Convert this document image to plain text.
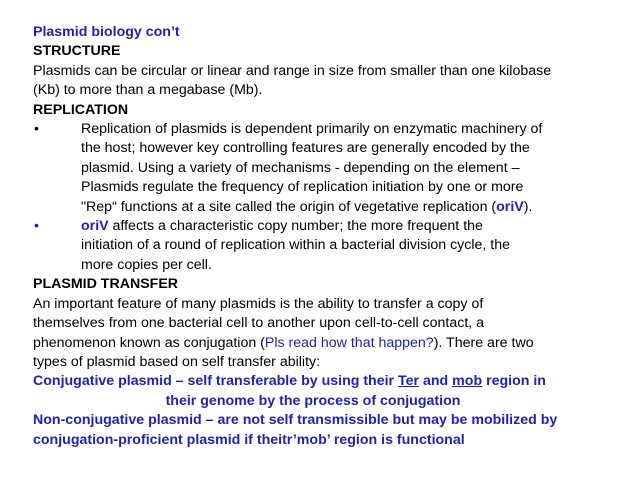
Plasmid biology con’t
STRUCTURE
Plasmids can be circular or linear and range in size from smaller than one kilobase
(Kb) to more than a megabase (Mb).
REPLICATION
•	Replication of plasmids is dependent primarily on enzymatic machinery of
the host; however key controlling features are generally encoded by the
plasmid. Using a variety of mechanisms - depending on the element –
Plasmids regulate the frequency of replication initiation by one or more
"Rep“ functions at a site called the origin of vegetative replication (oriV).
•	oriV affects a characteristic copy number; the more frequent the
initiation of a round of replication within a bacterial division cycle, the
more copies per cell.
PLASMID TRANSFER
An important feature of many plasmids is the ability to transfer a copy of
themselves from one bacterial cell to another upon cell-to-cell contact, a
phenomenon known as conjugation (Pls read how that happen?). There are two
types of plasmid based on self transfer ability:
Conjugative plasmid – self transferable by using their Ter and mob region in
their genome by the process of conjugation
Non-conjugative plasmid – are not self transmissible but may be mobilized by
conjugation-proficient plasmid if theitr’mob’ region is functional
